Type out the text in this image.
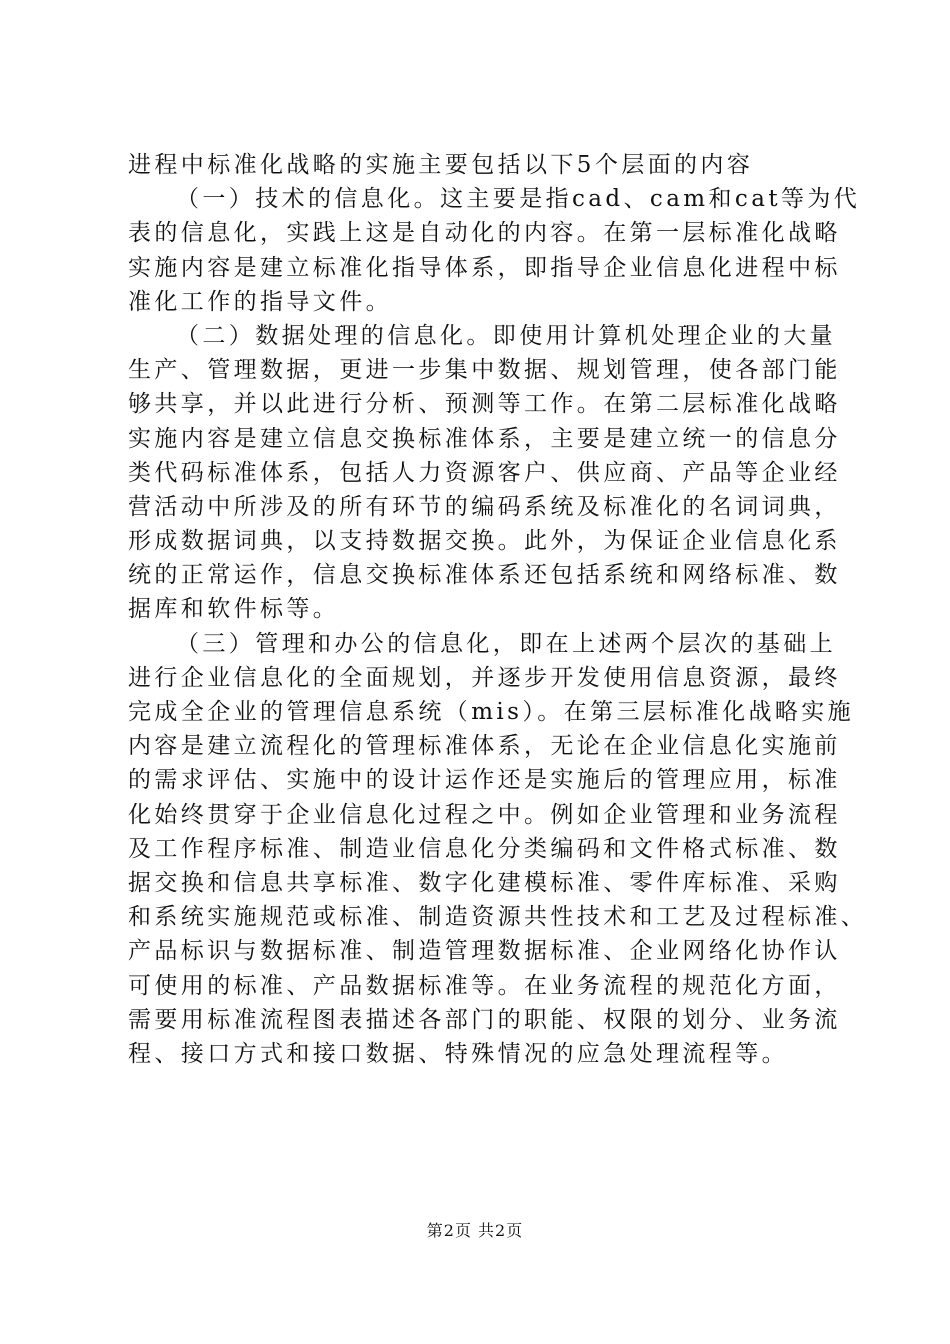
进程中标准化战略的实施主要包括以下5个层面的内容
（一）技术的信息化。这主要是指cad、cam和cat等为代
表的信息化，实践上这是自动化的内容。在第一层标准化战略
实施内容是建立标准化指导体系，即指导企业信息化进程中标
准化工作的指导文件。
（二）数据处理的信息化。即使用计算机处理企业的大量
生产、管理数据，更进一步集中数据、规划管理，使各部门能
够共享，并以此进行分析、预测等工作。在第二层标准化战略
实施内容是建立信息交换标准体系，主要是建立统一的信息分
类代码标准体系，包括人力资源客户、供应商、产品等企业经
营活动中所涉及的所有环节的编码系统及标准化的名词词典，
形成数据词典，以支持数据交换。此外，为保证企业信息化系
统的正常运作，信息交换标准体系还包括系统和网络标准、数
据库和软件标等。
（三）管理和办公的信息化，即在上述两个层次的基础上
进行企业信息化的全面规划，并逐步开发使用信息资源，最终
完成全企业的管理信息系统（mis）。在第三层标准化战略实施
内容是建立流程化的管理标准体系，无论在企业信息化实施前
的需求评估、实施中的设计运作还是实施后的管理应用，标准
化始终贯穿于企业信息化过程之中。例如企业管理和业务流程
及工作程序标准、制造业信息化分类编码和文件格式标准、数
据交换和信息共享标准、数字化建模标准、零件库标准、采购
和系统实施规范或标准、制造资源共性技术和工艺及过程标准、
产品标识与数据标准、制造管理数据标准、企业网络化协作认
可使用的标准、产品数据标准等。在业务流程的规范化方面，
需要用标准流程图表描述各部门的职能、权限的划分、业务流
程、接口方式和接口数据、特殊情况的应急处理流程等。
第2页 共2页
